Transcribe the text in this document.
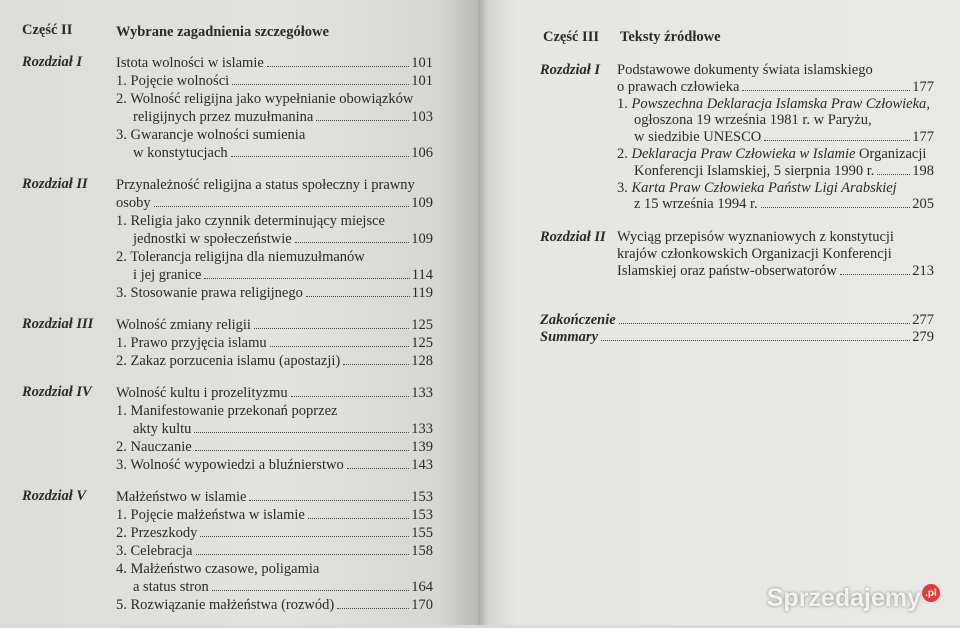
Część II	Wybrane zagadnienia szczegółowe
Rozdział I Istota wolności w islamie	101
1. Pojęcie wolności	101
2. Wolność religijna jako wypełnianie obowiązków
religijnych przez muzułmanina	103
3. Gwarancje wolności sumienia
w konstytucjach	106
Rozdział II Przynależność religijna a status społeczny i prawny
osoby	109
1. Religia jako czynnik determinujący miejsce
jednostki w społeczeństwie	109
2. Tolerancja religijna dla niemuzułmanów
i jej granice	114
3. Stosowanie prawa religijnego	119
Rozdział III Wolność zmiany religii	125
1. Prawo przyjęcia islamu	125
2. Zakaz porzucenia islamu (apostazji)	128
Rozdział IV Wolność kultu i prozelityzmu	133
1. Manifestowanie przekonań poprzez
akty kultu	133
2. Nauczanie	139
3. Wolność wypowiedzi a bluźnierstwo	143
Rozdział V Małżeństwo w islamie	153
1. Pojęcie małżeństwa w islamie	153
2. Przeszkody	155
3. Celebracja	158
4. Małżeństwo czasowe, poligamia
a status stron	164
5. Rozwiązanie małżeństwa (rozwód)	170
Część III Teksty źródłowe
Rozdział I Podstawowe dokumenty świata islamskiego
o prawach człowieka	177
1. Powszechna Deklaracja Islamska Praw Człowieka,
ogłoszona 19 września 1981 r. w Paryżu,
w siedzibie UNESCO	177
2. Deklaracja Praw Człowieka w Islamie Organizacji
Konferencji Islamskiej, 5 sierpnia 1990 r.	198
3. Karta Praw Człowieka Państw Ligi Arabskiej
z 15 września 1994 r.	205
Rozdział II Wyciąg przepisów wyznaniowych z konstytucji
krajów członkowskich Organizacji Konferencji
Islamskiej oraz państw-obserwatorów	213
Zakończenie	277
Summary	279
Sprzedajemy .pl
